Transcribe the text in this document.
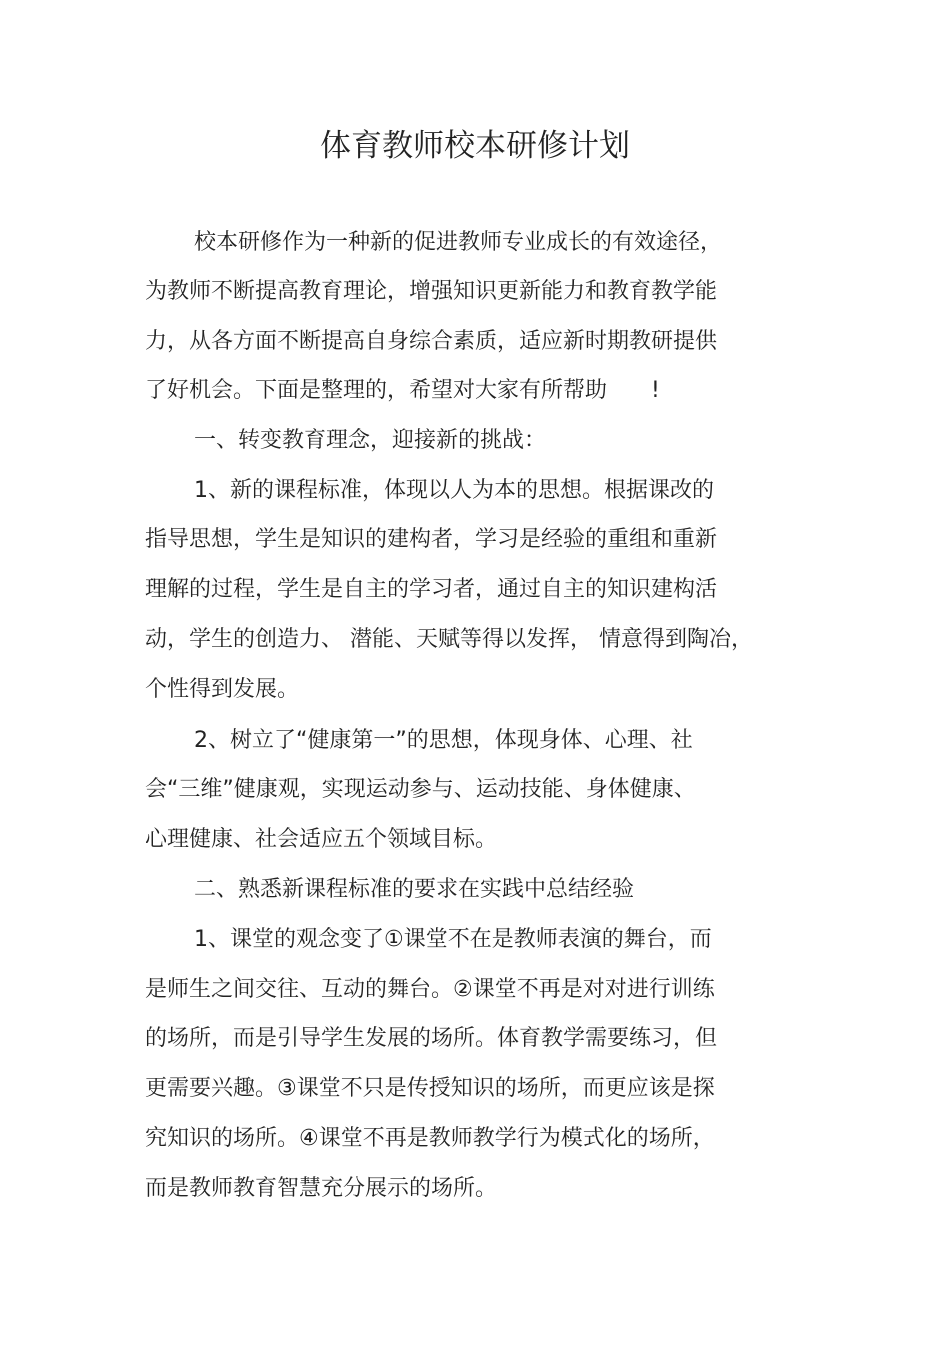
体育教师校本研修计划
校本研修作为一种新的促进教师专业成长的有效途径，
为教师不断提高教育理论，增强知识更新能力和教育教学能
力，从各方面不断提高自身综合素质，适应新时期教研提供
了好机会。下面是整理的，希望对大家有所帮助　　!
一、转变教育理念，迎接新的挑战：
1、新的课程标准，体现以人为本的思想。根据课改的
指导思想，学生是知识的建构者，学习是经验的重组和重新
理解的过程，学生是自主的学习者，通过自主的知识建构活
动，学生的创造力、 潜能、天赋等得以发挥， 情意得到陶冶，
个性得到发展。
2、树立了“健康第一”的思想，体现身体、心理、社
会“三维”健康观，实现运动参与、运动技能、身体健康、
心理健康、社会适应五个领域目标。
二、熟悉新课程标准的要求在实践中总结经验
1、课堂的观念变了①课堂不在是教师表演的舞台，而
是师生之间交往、互动的舞台。②课堂不再是对对进行训练
的场所，而是引导学生发展的场所。体育教学需要练习，但
更需要兴趣。③课堂不只是传授知识的场所，而更应该是探
究知识的场所。④课堂不再是教师教学行为模式化的场所，
而是教师教育智慧充分展示的场所。
